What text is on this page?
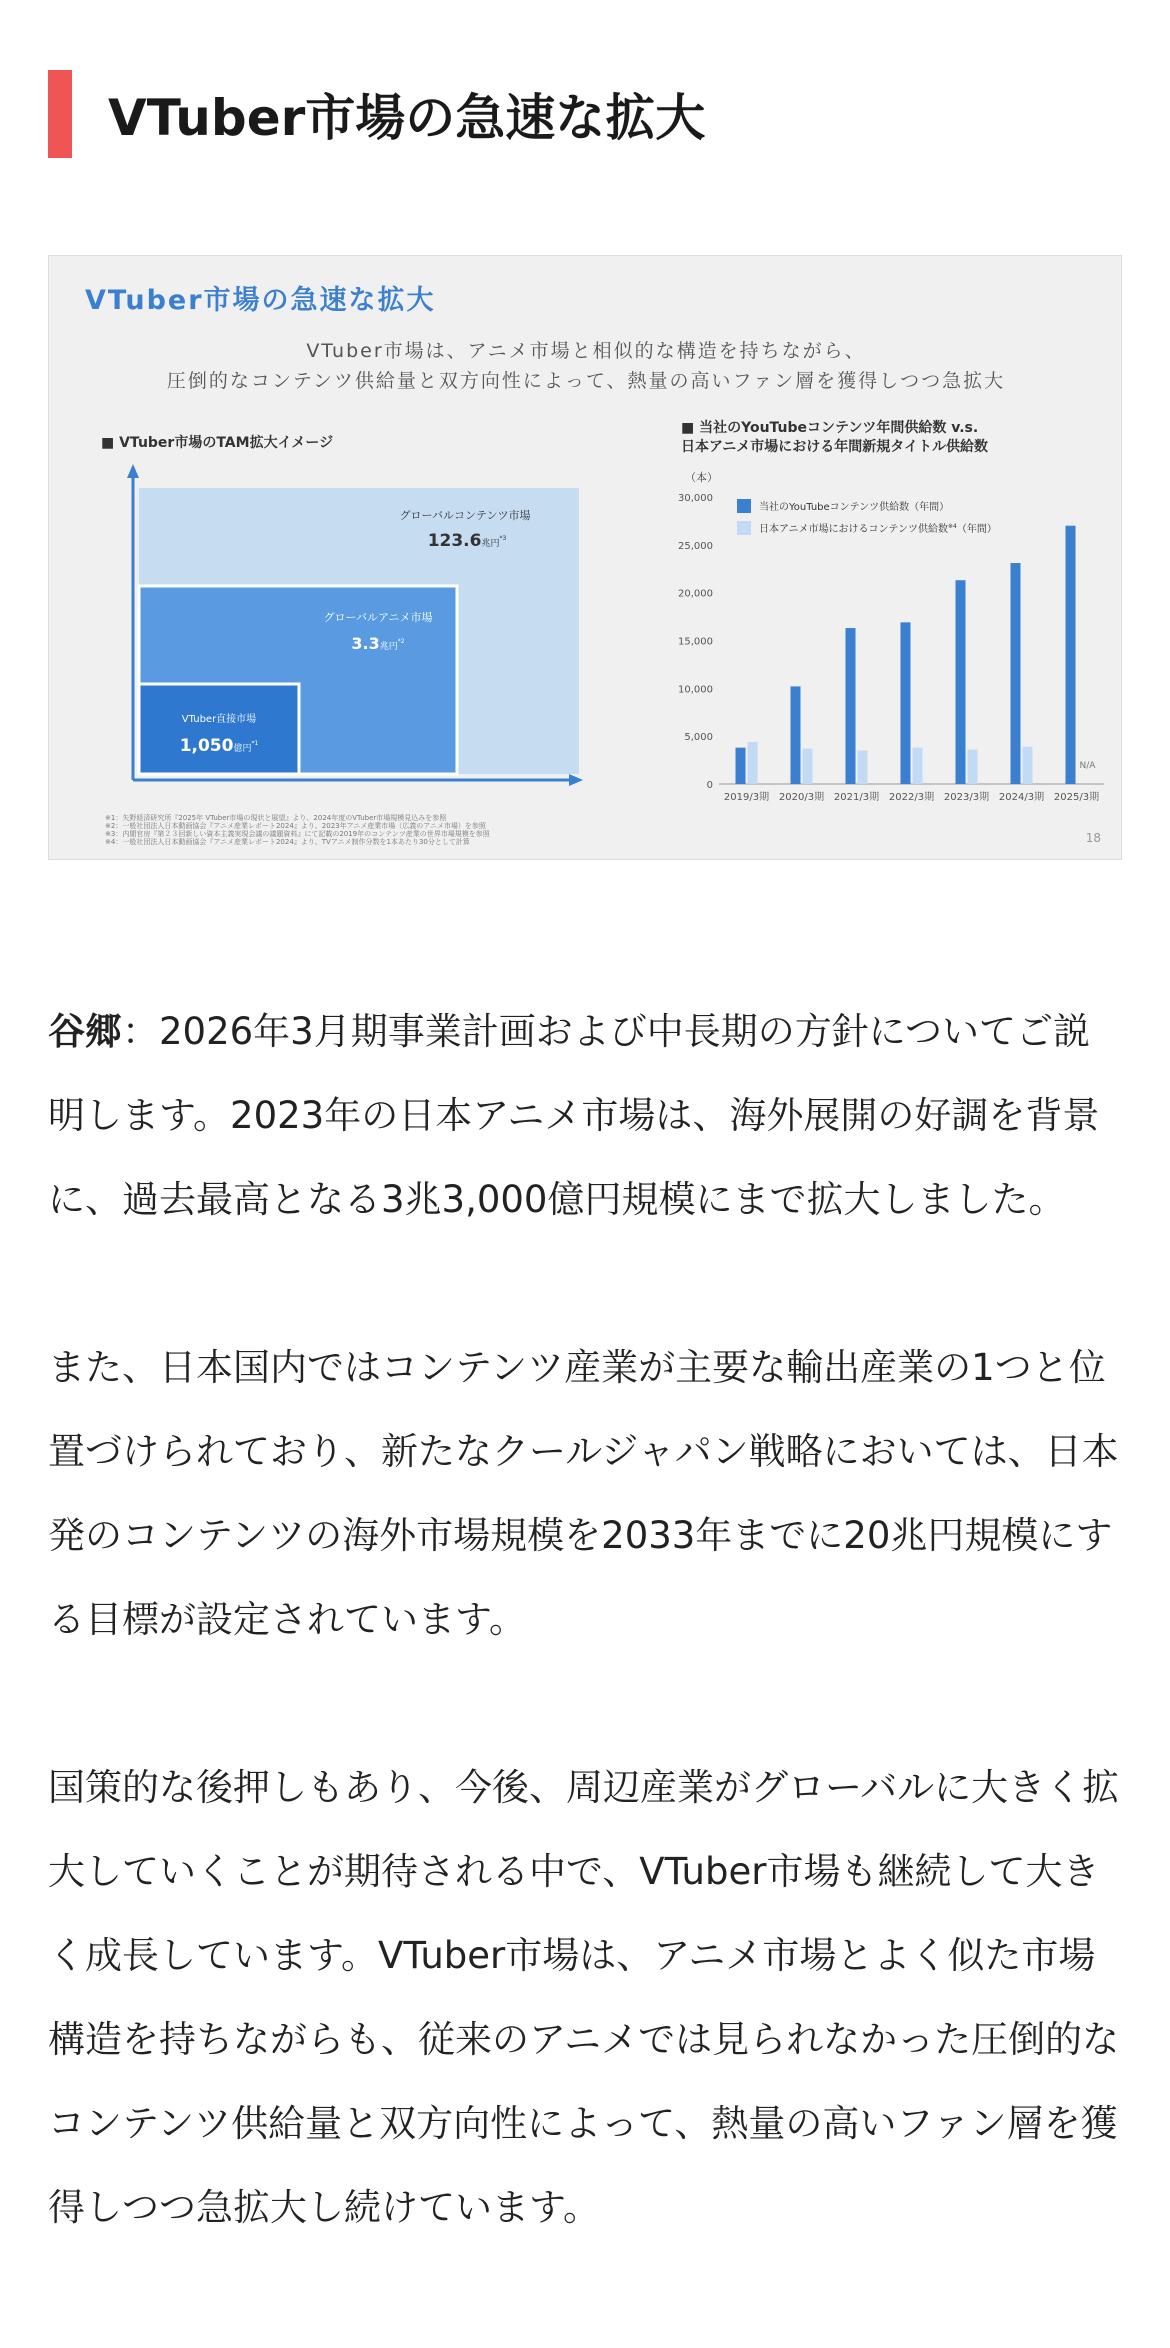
VTuber市場の急速な拡大
VTuber市場の急速な拡大
VTuber市場は、アニメ市場と相似的な構造を持ちながら、
圧倒的なコンテンツ供給量と双方向性によって、熱量の高いファン層を獲得しつつ急拡大
■ VTuber市場のTAM拡大イメージ
グローバルコンテンツ市場
123.6兆円$^{*3}$
グローバルアニメ市場
3.3兆円$^{*2}$
VTuber直接市場
1,050億円$^{*1}$
■ 当社のYouTubeコンテンツ年間供給数 v.s.
日本アニメ市場における年間新規タイトル供給数
（本）
0
5,000
10,000
15,000
20,000
25,000
30,000
2019/3期 2020/3期 2021/3期 2022/3期 2023/3期 2024/3期
N/A
2025/3期
当社のYouTubeコンテンツ供給数（年間）
日本アニメ市場におけるコンテンツ供給数$^{※4}$（年間）
※1：矢野経済研究所『2025年 VTuber市場の現状と展望』より、2024年度のVTuber市場規模見込みを参照
※2：一般社団法人日本動画協会『アニメ産業レポート2024』より、2023年アニメ産業市場（広義のアニメ市場）を参照
※3：内閣官房『第２３回新しい資本主義実現会議の議題資料』にて記載の2019年のコンテンツ産業の世界市場規模を参照
※4：一般社団法人日本動画協会『アニメ産業レポート2024』より、TVアニメ制作分数を1本あたり30分として計算	18

谷郷：2026年3月期事業計画および中長期の方針についてご説明します。2023年の日本アニメ市場は、海外展開の好調を背景に、過去最高となる3兆3,000億円規模にまで拡大しました。

また、日本国内ではコンテンツ産業が主要な輸出産業の1つと位置づけられており、新たなクールジャパン戦略においては、日本発のコンテンツの海外市場規模を2033年までに20兆円規模にする目標が設定されています。

国策的な後押しもあり、今後、周辺産業がグローバルに大きく拡大していくことが期待される中で、VTuber市場も継続して大きく成長しています。VTuber市場は、アニメ市場とよく似た市場構造を持ちながらも、従来のアニメでは見られなかった圧倒的なコンテンツ供給量と双方向性によって、熱量の高いファン層を獲得しつつ急拡大し続けています。
